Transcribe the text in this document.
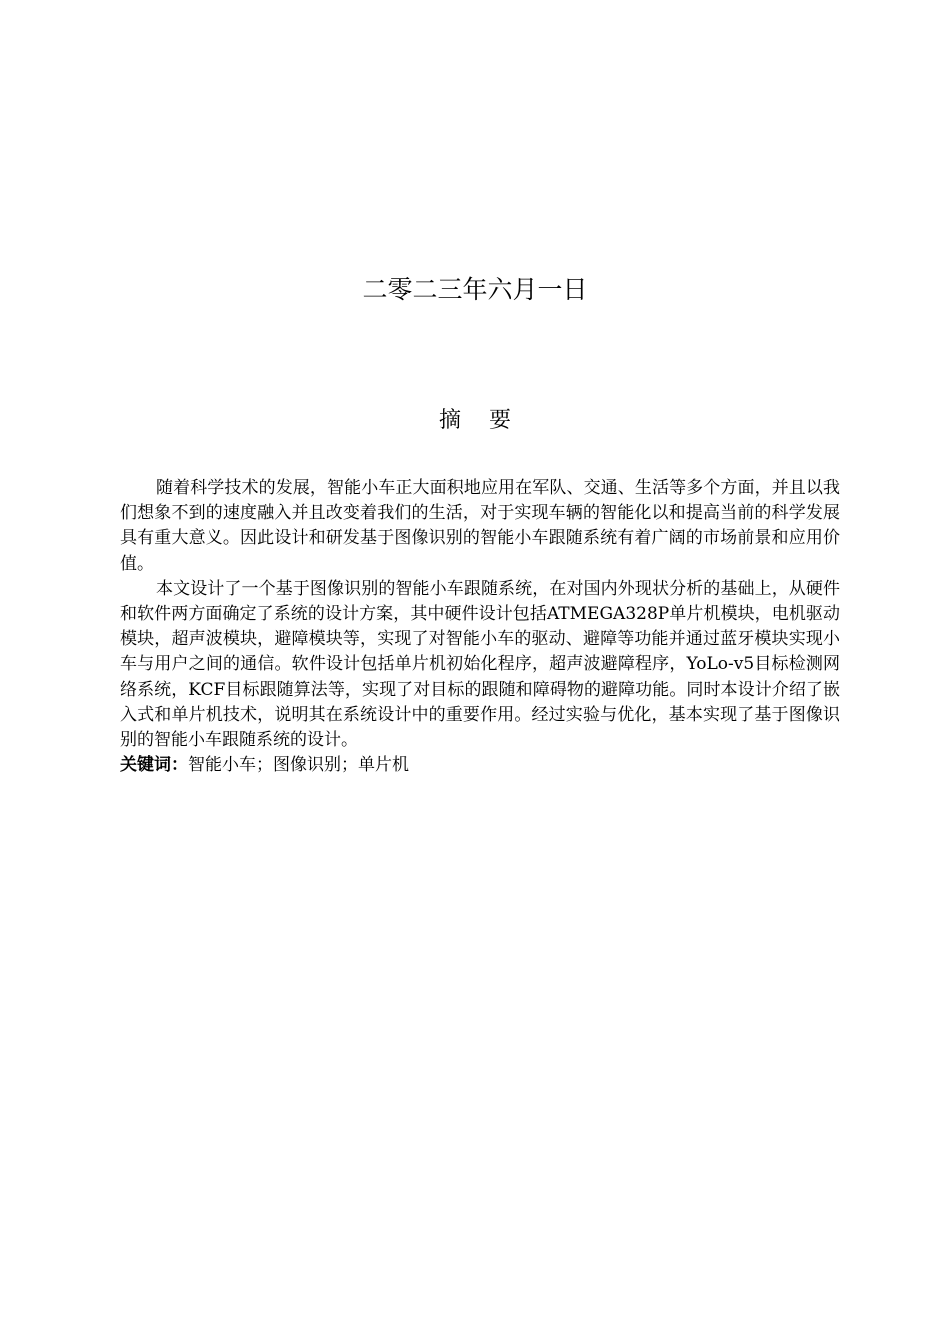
二零二三年六月一日
摘 要

随着科学技术的发展，智能小车正大面积地应用在军队、交通、生活等多个方面，并且以我们想象不到的速度融入并且改变着我们的生活，对于实现车辆的智能化以和提高当前的科学发展具有重大意义。因此设计和研发基于图像识别的智能小车跟随系统有着广阔的市场前景和应用价值。

本文设计了一个基于图像识别的智能小车跟随系统，在对国内外现状分析的基础上，从硬件和软件两方面确定了系统的设计方案，其中硬件设计包括ATMEGA328P单片机模块，电机驱动模块，超声波模块，避障模块等，实现了对智能小车的驱动、避障等功能并通过蓝牙模块实现小车与用户之间的通信。软件设计包括单片机初始化程序，超声波避障程序，YoLo-v5目标检测网络系统，KCF目标跟随算法等，实现了对目标的跟随和障碍物的避障功能。同时本设计介绍了嵌入式和单片机技术，说明其在系统设计中的重要作用。经过实验与优化，基本实现了基于图像识别的智能小车跟随系统的设计。

关键词：智能小车；图像识别；单片机
